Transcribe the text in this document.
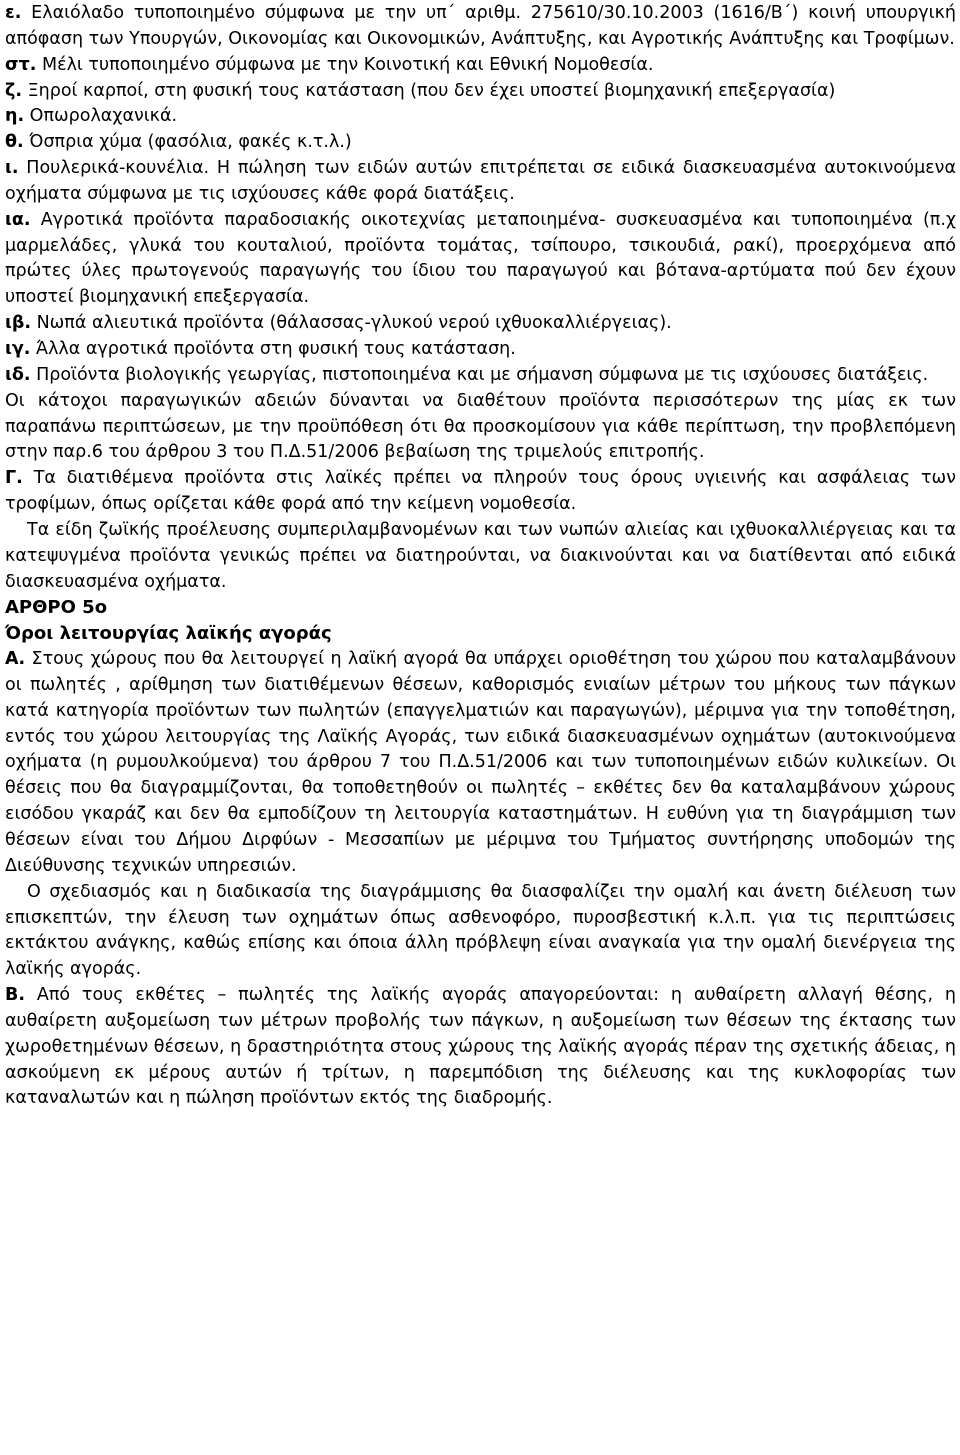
ε. Ελαιόλαδο τυποποιημένο σύμφωνα με την υπ΄ αριθμ. 275610/30.10.2003 (1616/Β΄) κοινή υπουργική απόφαση των Υπουργών, Οικονομίας και Οικονομικών, Ανάπτυξης, και Αγροτικής Ανάπτυξης και Τροφίμων.

στ. Μέλι τυποποιημένο σύμφωνα με την Κοινοτική και Εθνική Νομοθεσία.

ζ. Ξηροί καρποί, στη φυσική τους κατάσταση (που δεν έχει υποστεί βιομηχανική επεξεργασία)

η. Οπωρολαχανικά.

θ. Όσπρια χύμα (φασόλια, φακές κ.τ.λ.)

ι. Πουλερικά-κουνέλια. Η πώληση των ειδών αυτών επιτρέπεται σε ειδικά διασκευασμένα αυτοκινούμενα οχήματα σύμφωνα με τις ισχύουσες κάθε φορά διατάξεις.

ια. Αγροτικά προϊόντα παραδοσιακής οικοτεχνίας μεταποιημένα- συσκευασμένα και τυποποιημένα (π.χ μαρμελάδες, γλυκά του κουταλιού, προϊόντα τομάτας, τσίπουρο, τσικουδιά, ρακί), προερχόμενα από πρώτες ύλες πρωτογενούς παραγωγής του ίδιου του παραγωγού και βότανα-αρτύματα πού δεν έχουν υποστεί βιομηχανική επεξεργασία.

ιβ. Νωπά αλιευτικά προϊόντα (θάλασσας-γλυκού νερού ιχθυοκαλλιέργειας).

ιγ. Άλλα αγροτικά προϊόντα στη φυσική τους κατάσταση.

ιδ. Προϊόντα βιολογικής γεωργίας, πιστοποιημένα και με σήμανση σύμφωνα με τις ισχύουσες διατάξεις.

Οι κάτοχοι παραγωγικών αδειών δύνανται να διαθέτουν προϊόντα περισσότερων της μίας εκ των παραπάνω περιπτώσεων, με την προϋπόθεση ότι θα προσκομίσουν για κάθε περίπτωση, την προβλεπόμενη στην παρ.6 του άρθρου 3 του Π.Δ.51/2006 βεβαίωση της τριμελούς επιτροπής.

Γ. Τα διατιθέμενα προϊόντα στις λαϊκές πρέπει να πληρούν τους όρους υγιεινής και ασφάλειας των τροφίμων, όπως ορίζεται κάθε φορά από την κείμενη νομοθεσία.

Τα είδη ζωϊκής προέλευσης συμπεριλαμβανομένων και των νωπών αλιείας και ιχθυοκαλλιέργειας και τα κατεψυγμένα προϊόντα γενικώς πρέπει να διατηρούνται, να διακινούνται και να διατίθενται από ειδικά διασκευασμένα οχήματα.

ΑΡΘΡΟ 5ο

Όροι λειτουργίας λαϊκής αγοράς

Α. Στους χώρους που θα λειτουργεί η λαϊκή αγορά θα υπάρχει οριοθέτηση του χώρου που καταλαμβάνουν οι πωλητές , αρίθμηση των διατιθέμενων θέσεων, καθορισμός ενιαίων μέτρων του μήκους των πάγκων κατά κατηγορία προϊόντων των πωλητών (επαγγελματιών και παραγωγών), μέριμνα για την τοποθέτηση, εντός του χώρου λειτουργίας της Λαϊκής Αγοράς, των ειδικά διασκευασμένων οχημάτων (αυτοκινούμενα οχήματα (η ρυμουλκούμενα) του άρθρου 7 του Π.Δ.51/2006 και των τυποποιημένων ειδών κυλικείων. Οι θέσεις που θα διαγραμμίζονται, θα τοποθετηθούν οι πωλητές – εκθέτες δεν θα καταλαμβάνουν χώρους εισόδου γκαράζ και δεν θα εμποδίζουν τη λειτουργία καταστημάτων. Η ευθύνη για τη διαγράμμιση των θέσεων είναι του Δήμου Διρφύων - Μεσσαπίων με μέριμνα του Τμήματος συντήρησης υποδομών της Διεύθυνσης τεχνικών υπηρεσιών.

Ο σχεδιασμός και η διαδικασία της διαγράμμισης θα διασφαλίζει την ομαλή και άνετη διέλευση των επισκεπτών, την έλευση των οχημάτων όπως ασθενοφόρο, πυροσβεστική κ.λ.π. για τις περιπτώσεις εκτάκτου ανάγκης, καθώς επίσης και όποια άλλη πρόβλεψη είναι αναγκαία για την ομαλή διενέργεια της λαϊκής αγοράς.

Β. Από τους εκθέτες – πωλητές της λαϊκής αγοράς απαγορεύονται: η αυθαίρετη αλλαγή θέσης, η αυθαίρετη αυξομείωση των μέτρων προβολής των πάγκων, η αυξομείωση των θέσεων της έκτασης των χωροθετημένων θέσεων, η δραστηριότητα στους χώρους της λαϊκής αγοράς πέραν της σχετικής άδειας, η ασκούμενη εκ μέρους αυτών ή τρίτων, η παρεμπόδιση της διέλευσης και της κυκλοφορίας των καταναλωτών και η πώληση προϊόντων εκτός της διαδρομής.
